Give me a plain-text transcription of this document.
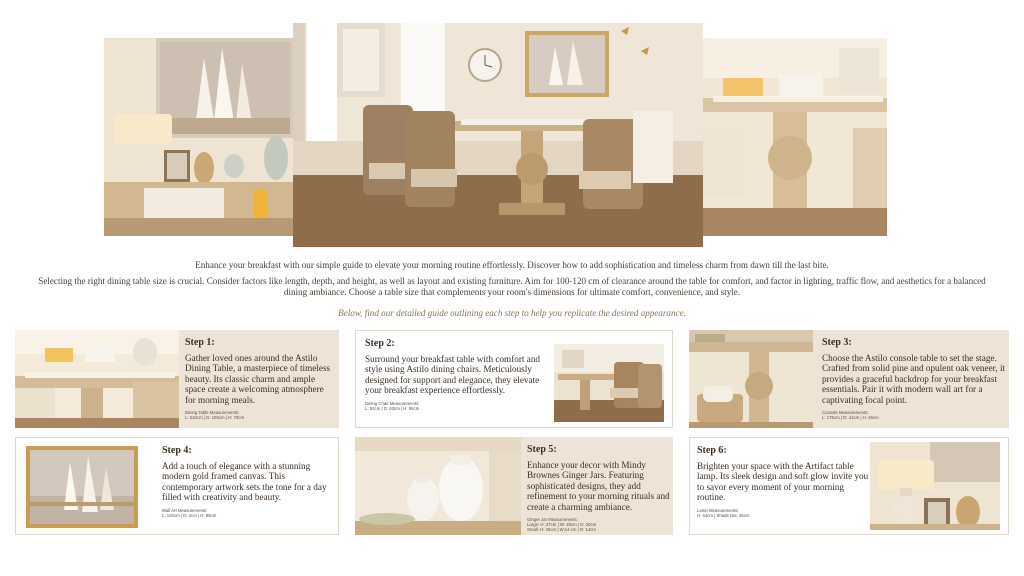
Enhance your breakfast with our simple guide to elevate your morning routine effortlessly. Discover how to add sophistication and timeless charm from dawn till the last bite.

Selecting the right dining table size is crucial. Consider factors like length, depth, and height, as well as layout and existing furniture. Aim for 100-120 cm of clearance around the table for comfort, and factor in lighting, traffic flow, and aesthetics for a balanced dining ambiance. Choose a table size that complements your room's dimensions for ultimate comfort, convenience, and style.

Below, find our detailed guide outlining each step to help you replicate the desired appearance.

Step 1:
Gather loved ones around the Astilo Dining Table, a masterpiece of timeless beauty. Its classic charm and ample space create a welcoming atmosphere for morning meals.
Dining Table Measurements:
L: 210cm | D: 105cm | H: 78cm
Step 2:
Surround your breakfast table with comfort and style using Astilo dining chairs. Meticulously designed for support and elegance, they elevate your breakfast experience effortlessly.
Dining Chair Measurements:
L: 52cm | D: 63cm | H: 95cm
Step 3:
Choose the Astilo console table to set the stage. Crafted from solid pine and opulent oak veneer, it provides a graceful backdrop for your breakfast essentials. Pair it with modern wall art for a captivating focal point.
Console Measurements:
L: 175cm | D: 41cm | H: 46cm
Step 4:
Add a touch of elegance with a stunning modern gold framed canvas. This contemporary artwork sets the tone for a day filled with creativity and beauty.
Wall Art Measurements:
L: 120cm | D: 4cm | H: 90cm
Step 5:
Enhance your decor with Mindy Brownes Ginger Jars. Featuring sophisticated designs, they add refinement to your morning rituals and create a charming ambiance.
Ginger Jar Measurements:
Large: H: 37cm | W: 20cm | D: 20cm
Small: H: 26cm | W:14 cm | D: 14cm
Step 6:
Brighten your space with the Artifact table lamp. Its sleek design and soft glow invite you to savor every moment of your morning routine.
Lamp Measurements:
H: 64cm | Shade Dia: 46cm
